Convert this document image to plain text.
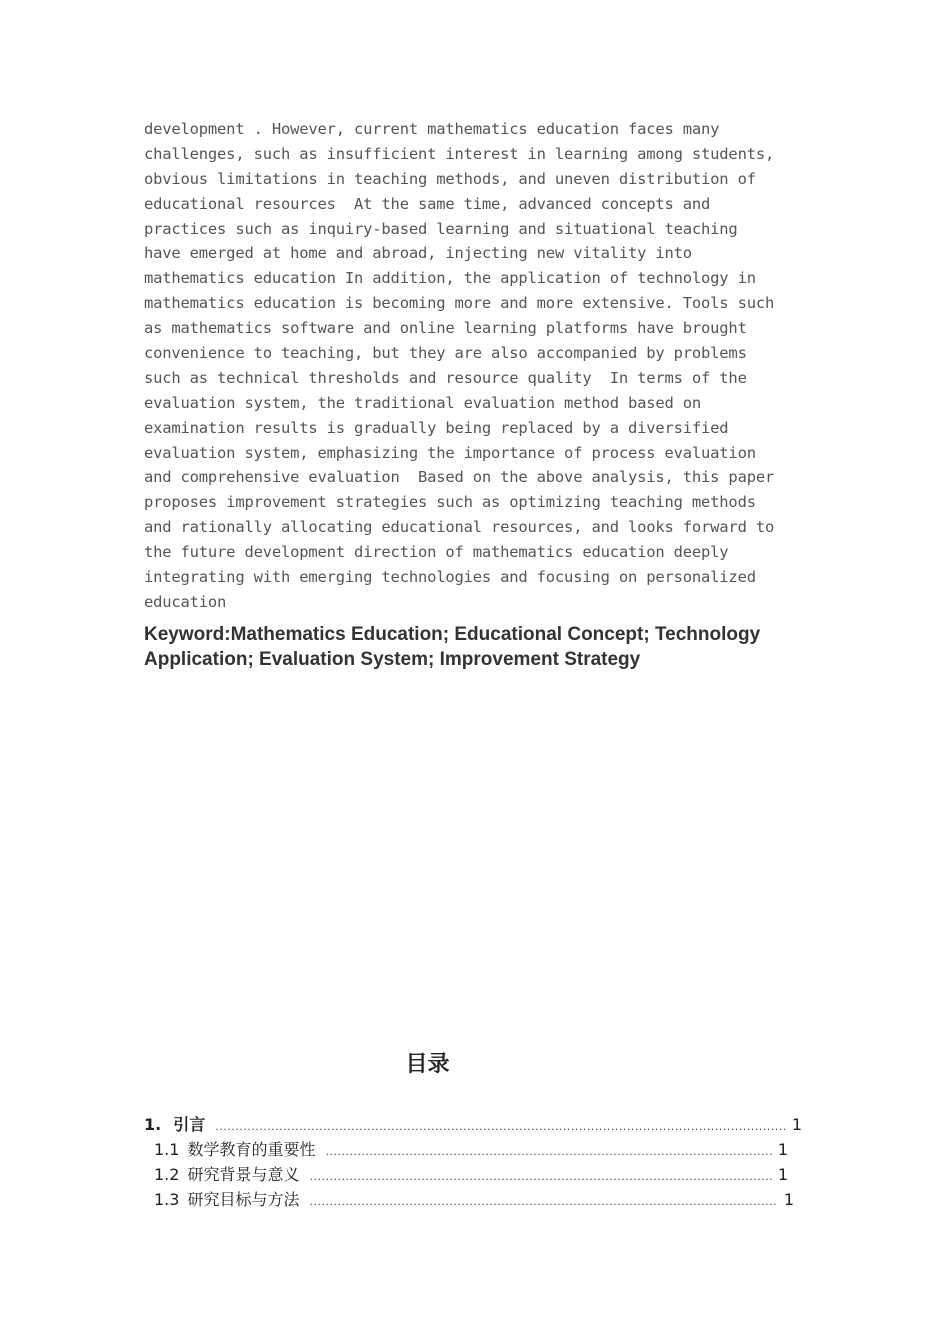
development . However, current mathematics education faces many
challenges, such as insufficient interest in learning among students,
obvious limitations in teaching methods, and uneven distribution of
educational resources  At the same time, advanced concepts and
practices such as inquiry-based learning and situational teaching
have emerged at home and abroad, injecting new vitality into
mathematics education In addition, the application of technology in
mathematics education is becoming more and more extensive. Tools such
as mathematics software and online learning platforms have brought
convenience to teaching, but they are also accompanied by problems
such as technical thresholds and resource quality  In terms of the
evaluation system, the traditional evaluation method based on
examination results is gradually being replaced by a diversified
evaluation system, emphasizing the importance of process evaluation
and comprehensive evaluation  Based on the above analysis, this paper
proposes improvement strategies such as optimizing teaching methods
and rationally allocating educational resources, and looks forward to
the future development direction of mathematics education deeply
integrating with emerging technologies and focusing on personalized
education
Keyword:Mathematics Education; Educational Concept; Technology
Application; Evaluation System; Improvement Strategy
目录
1. 引言 .....	1
1.1 数学教育的重要性 .....	1
1.2 研究背景与意义 .....	1
1.3 研究目标与方法 .....	1
